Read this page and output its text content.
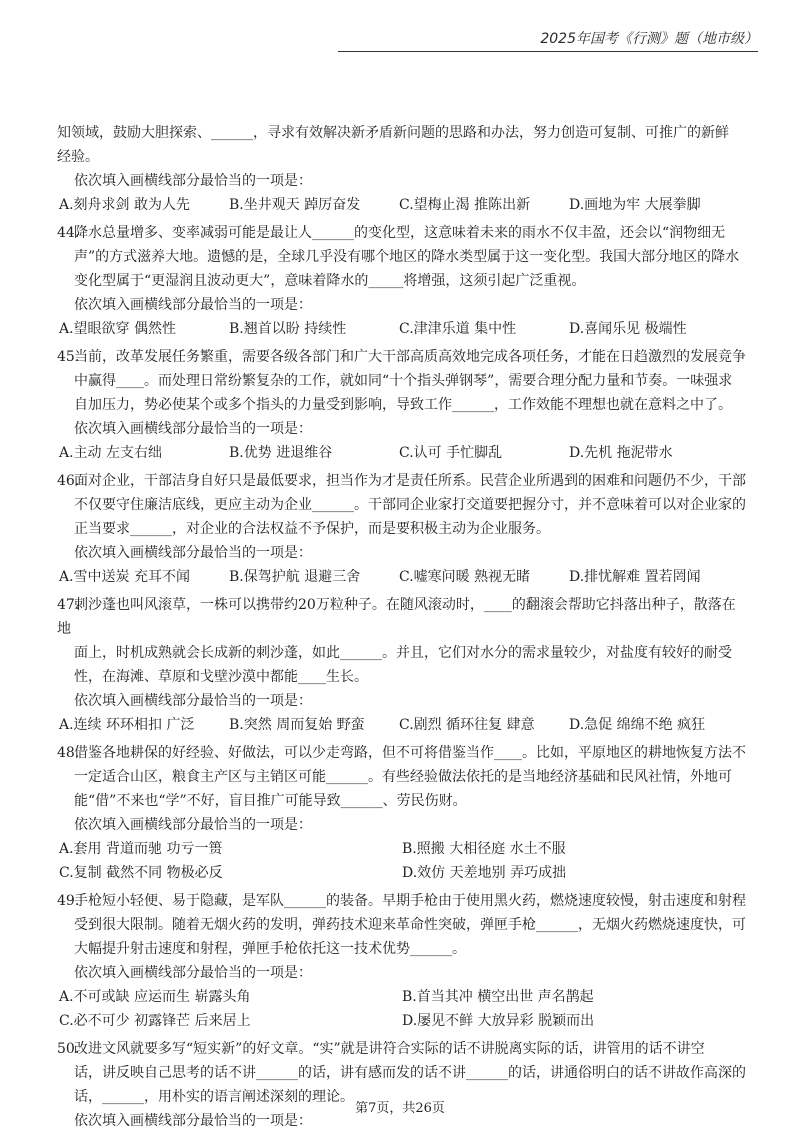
2025年国考《行测》题（地市级）

知领域，鼓励大胆探索、______，寻求有效解决新矛盾新问题的思路和办法，努力创造可复制、可推广的新鲜

经验。

依次填入画横线部分最恰当的一项是：

A.刻舟求剑 敢为人先	B.坐井观天 踔厉奋发	C.望梅止渴 推陈出新	D.画地为牢 大展拳脚

44.降水总量增多、变率减弱可能是最让人______的变化型，这意味着未来的雨水不仅丰盈，还会以“润物细无

声”的方式滋养大地。遗憾的是，全球几乎没有哪个地区的降水类型属于这一变化型。我国大部分地区的降水

变化型属于“更湿润且波动更大”，意味着降水的_____将增强，这须引起广泛重视。

依次填入画横线部分最恰当的一项是：

A.望眼欲穿 偶然性	B.翘首以盼 持续性	C.津津乐道 集中性	D.喜闻乐见 极端性

45.当前，改革发展任务繁重，需要各级各部门和广大干部高质高效地完成各项任务，才能在日趋激烈的发展竞争

中赢得____。而处理日常纷繁复杂的工作，就如同“十个指头弹钢琴”，需要合理分配力量和节奏。一味强求

自加压力，势必使某个或多个指头的力量受到影响，导致工作______，工作效能不理想也就在意料之中了。

依次填入画横线部分最恰当的一项是：

A.主动 左支右绌	B.优势 进退维谷	C.认可 手忙脚乱	D.先机 拖泥带水

46.面对企业，干部洁身自好只是最低要求，担当作为才是责任所系。民营企业所遇到的困难和问题仍不少，干部

不仅要守住廉洁底线，更应主动为企业______。干部同企业家打交道要把握分寸，并不意味着可以对企业家的

正当要求______，对企业的合法权益不予保护，而是要积极主动为企业服务。

依次填入画横线部分最恰当的一项是：

A.雪中送炭 充耳不闻	B.保驾护航 退避三舍	C.嘘寒问暖 熟视无睹	D.排忧解难 置若罔闻

47.刺沙蓬也叫风滚草，一株可以携带约20万粒种子。在随风滚动时，____的翻滚会帮助它抖落出种子，散落在地

面上，时机成熟就会长成新的刺沙蓬，如此______。并且，它们对水分的需求量较少，对盐度有较好的耐受

性，在海滩、草原和戈壁沙漠中都能____生长。

依次填入画横线部分最恰当的一项是：

A.连续 环环相扣 广泛	B.突然 周而复始 野蛮	C.剧烈 循环往复 肆意	D.急促 绵绵不绝 疯狂

48.借鉴各地耕保的好经验、好做法，可以少走弯路，但不可将借鉴当作____。比如，平原地区的耕地恢复方法不

一定适合山区，粮食主产区与主销区可能______。有些经验做法依托的是当地经济基础和民风社情，外地可

能“借”不来也“学”不好，盲目推广可能导致______、劳民伤财。

依次填入画横线部分最恰当的一项是：

A.套用 背道而驰 功亏一篑	B.照搬 大相径庭 水土不服
C.复制 截然不同 物极必反	D.效仿 天差地别 弄巧成拙

49.手枪短小轻便、易于隐藏，是军队______的装备。早期手枪由于使用黑火药，燃烧速度较慢，射击速度和射程

受到很大限制。随着无烟火药的发明，弹药技术迎来革命性突破，弹匣手枪______，无烟火药燃烧速度快，可

大幅提升射击速度和射程，弹匣手枪依托这一技术优势______。

依次填入画横线部分最恰当的一项是：

A.不可或缺 应运而生 崭露头角	B.首当其冲 横空出世 声名鹊起
C.必不可少 初露锋芒 后来居上	D.屡见不鲜 大放异彩 脱颖而出

50.改进文风就要多写“短实新”的好文章。“实”就是讲符合实际的话不讲脱离实际的话，讲管用的话不讲空

话，讲反映自己思考的话不讲______的话，讲有感而发的话不讲______的话，讲通俗明白的话不讲故作高深的

话，______，用朴实的语言阐述深刻的理论。

依次填入画横线部分最恰当的一项是：

第7页，共26页
